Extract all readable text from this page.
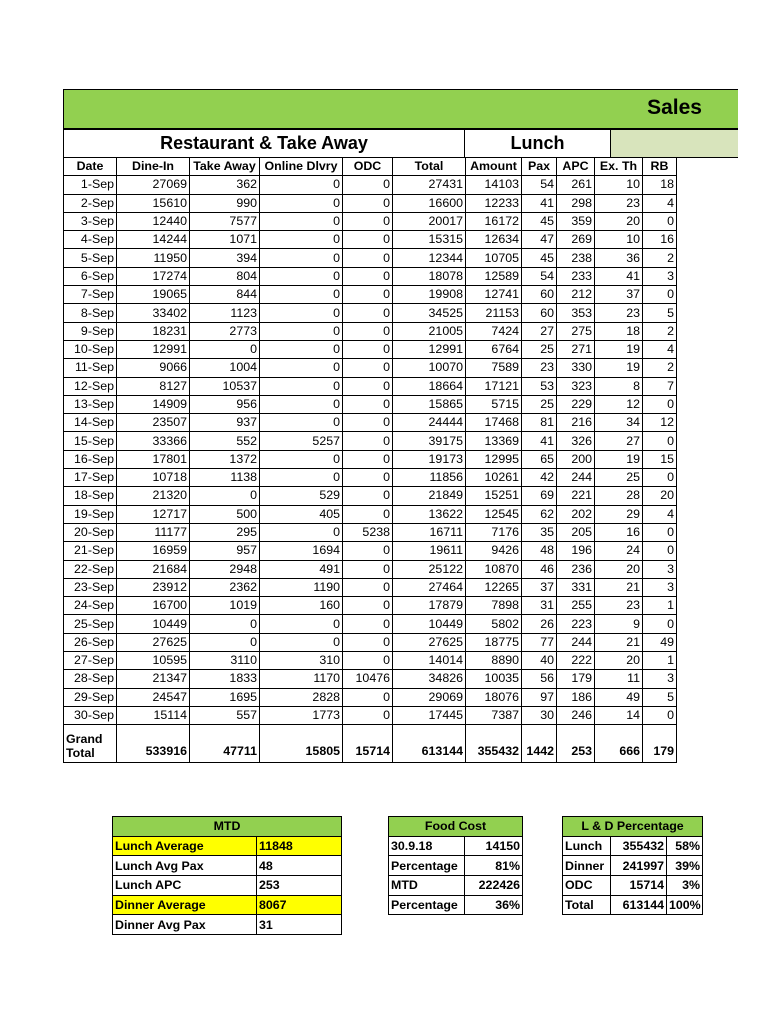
Sales
Restaurant & Take Away	Lunch
Date	Dine-In	Take Away	Online Dlvry	ODC	Total	Amount	Pax	APC	Ex. Th	RB
1-Sep	27069	362	0	0	27431	14103	54	261	10	18
2-Sep	15610	990	0	0	16600	12233	41	298	23	4
3-Sep	12440	7577	0	0	20017	16172	45	359	20	0
4-Sep	14244	1071	0	0	15315	12634	47	269	10	16
5-Sep	11950	394	0	0	12344	10705	45	238	36	2
6-Sep	17274	804	0	0	18078	12589	54	233	41	3
7-Sep	19065	844	0	0	19908	12741	60	212	37	0
8-Sep	33402	1123	0	0	34525	21153	60	353	23	5
9-Sep	18231	2773	0	0	21005	7424	27	275	18	2
10-Sep	12991	0	0	0	12991	6764	25	271	19	4
11-Sep	9066	1004	0	0	10070	7589	23	330	19	2
12-Sep	8127	10537	0	0	18664	17121	53	323	8	7
13-Sep	14909	956	0	0	15865	5715	25	229	12	0
14-Sep	23507	937	0	0	24444	17468	81	216	34	12
15-Sep	33366	552	5257	0	39175	13369	41	326	27	0
16-Sep	17801	1372	0	0	19173	12995	65	200	19	15
17-Sep	10718	1138	0	0	11856	10261	42	244	25	0
18-Sep	21320	0	529	0	21849	15251	69	221	28	20
19-Sep	12717	500	405	0	13622	12545	62	202	29	4
20-Sep	11177	295	0	5238	16711	7176	35	205	16	0
21-Sep	16959	957	1694	0	19611	9426	48	196	24	0
22-Sep	21684	2948	491	0	25122	10870	46	236	20	3
23-Sep	23912	2362	1190	0	27464	12265	37	331	21	3
24-Sep	16700	1019	160	0	17879	7898	31	255	23	1
25-Sep	10449	0	0	0	10449	5802	26	223	9	0
26-Sep	27625	0	0	0	27625	18775	77	244	21	49
27-Sep	10595	3110	310	0	14014	8890	40	222	20	1
28-Sep	21347	1833	1170	10476	34826	10035	56	179	11	3
29-Sep	24547	1695	2828	0	29069	18076	97	186	49	5
30-Sep	15114	557	1773	0	17445	7387	30	246	14	0
Grand
Total	533916	47711	15805	15714	613144	355432	1442	253	666	179
MTD	
Lunch Average	11848
Lunch Avg Pax	48
Lunch APC	253
Dinner Average	8067
Dinner Avg Pax	31
Food Cost	
30.9.18	14150
Percentage	81%
MTD	222426
Percentage	36%
L & D Percentage		
Lunch	355432	58%
Dinner	241997	39%
ODC	15714	3%
Total	613144	100%
